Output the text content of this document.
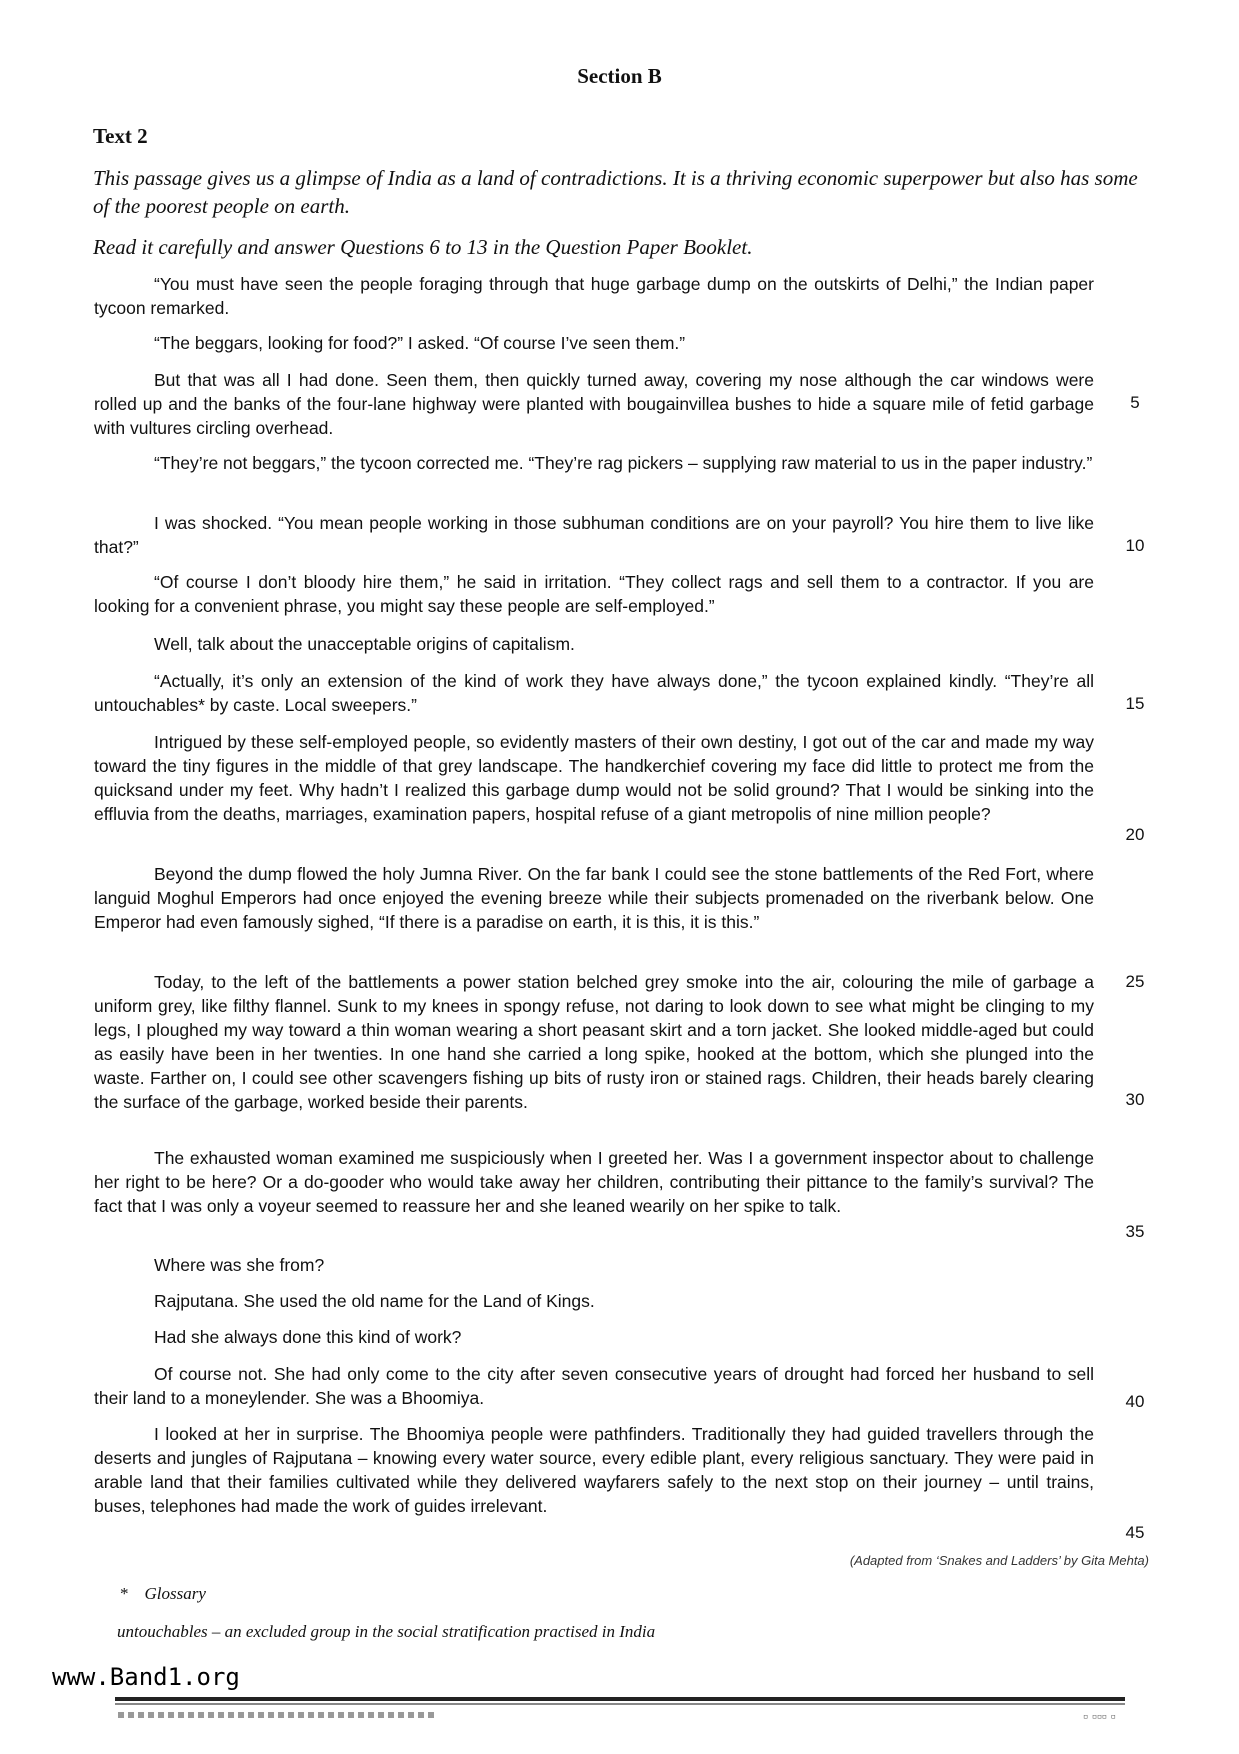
Section B
Text 2
This passage gives us a glimpse of India as a land of contradictions. It is a thriving economic superpower but also has some of the poorest people on earth.
Read it carefully and answer Questions 6 to 13 in the Question Paper Booklet.

“You must have seen the people foraging through that huge garbage dump on the outskirts of Delhi,” the Indian paper tycoon remarked.

“The beggars, looking for food?” I asked. “Of course I’ve seen them.”

But that was all I had done. Seen them, then quickly turned away, covering my nose although the car windows were rolled up and the banks of the four-lane highway were planted with bougainvillea bushes to hide a square mile of fetid garbage with vultures circling overhead.

“They’re not beggars,” the tycoon corrected me. “They’re rag pickers – supplying raw material to us in the paper industry.”

I was shocked. “You mean people working in those subhuman conditions are on your payroll? You hire them to live like that?”

“Of course I don’t bloody hire them,” he said in irritation. “They collect rags and sell them to a contractor. If you are looking for a convenient phrase, you might say these people are self-employed.”

Well, talk about the unacceptable origins of capitalism.

“Actually, it’s only an extension of the kind of work they have always done,” the tycoon explained kindly. “They’re all untouchables* by caste. Local sweepers.”

Intrigued by these self-employed people, so evidently masters of their own destiny, I got out of the car and made my way toward the tiny figures in the middle of that grey landscape. The handkerchief covering my face did little to protect me from the quicksand under my feet. Why hadn’t I realized this garbage dump would not be solid ground? That I would be sinking into the effluvia from the deaths, marriages, examination papers, hospital refuse of a giant metropolis of nine million people?

Beyond the dump flowed the holy Jumna River. On the far bank I could see the stone battlements of the Red Fort, where languid Moghul Emperors had once enjoyed the evening breeze while their subjects promenaded on the riverbank below. One Emperor had even famously sighed, “If there is a paradise on earth, it is this, it is this.”

Today, to the left of the battlements a power station belched grey smoke into the air, colouring the mile of garbage a uniform grey, like filthy flannel. Sunk to my knees in spongy refuse, not daring to look down to see what might be clinging to my legs, I ploughed my way toward a thin woman wearing a short peasant skirt and a torn jacket. She looked middle-aged but could as easily have been in her twenties. In one hand she carried a long spike, hooked at the bottom, which she plunged into the waste. Farther on, I could see other scavengers fishing up bits of rusty iron or stained rags. Children, their heads barely clearing the surface of the garbage, worked beside their parents.

The exhausted woman examined me suspiciously when I greeted her. Was I a government inspector about to challenge her right to be here? Or a do-gooder who would take away her children, contributing their pittance to the family’s survival? The fact that I was only a voyeur seemed to reassure her and she leaned wearily on her spike to talk.

Where was she from?

Rajputana. She used the old name for the Land of Kings.

Had she always done this kind of work?

Of course not. She had only come to the city after seven consecutive years of drought had forced her husband to sell their land to a moneylender. She was a Bhoomiya.

I looked at her in surprise. The Bhoomiya people were pathfinders. Traditionally they had guided travellers through the deserts and jungles of Rajputana – knowing every water source, every edible plant, every religious sanctuary. They were paid in arable land that their families cultivated while they delivered wayfarers safely to the next stop on their journey – until trains, buses, telephones had made the work of guides irrelevant.

5
10
15
20
25
30
35
40
45
(Adapted from ‘Snakes and Ladders’ by Gita Mehta)
* Glossary
untouchables – an excluded group in the social stratification practised in India
www.Band1.org
▫ ▫▫▫ ▫
